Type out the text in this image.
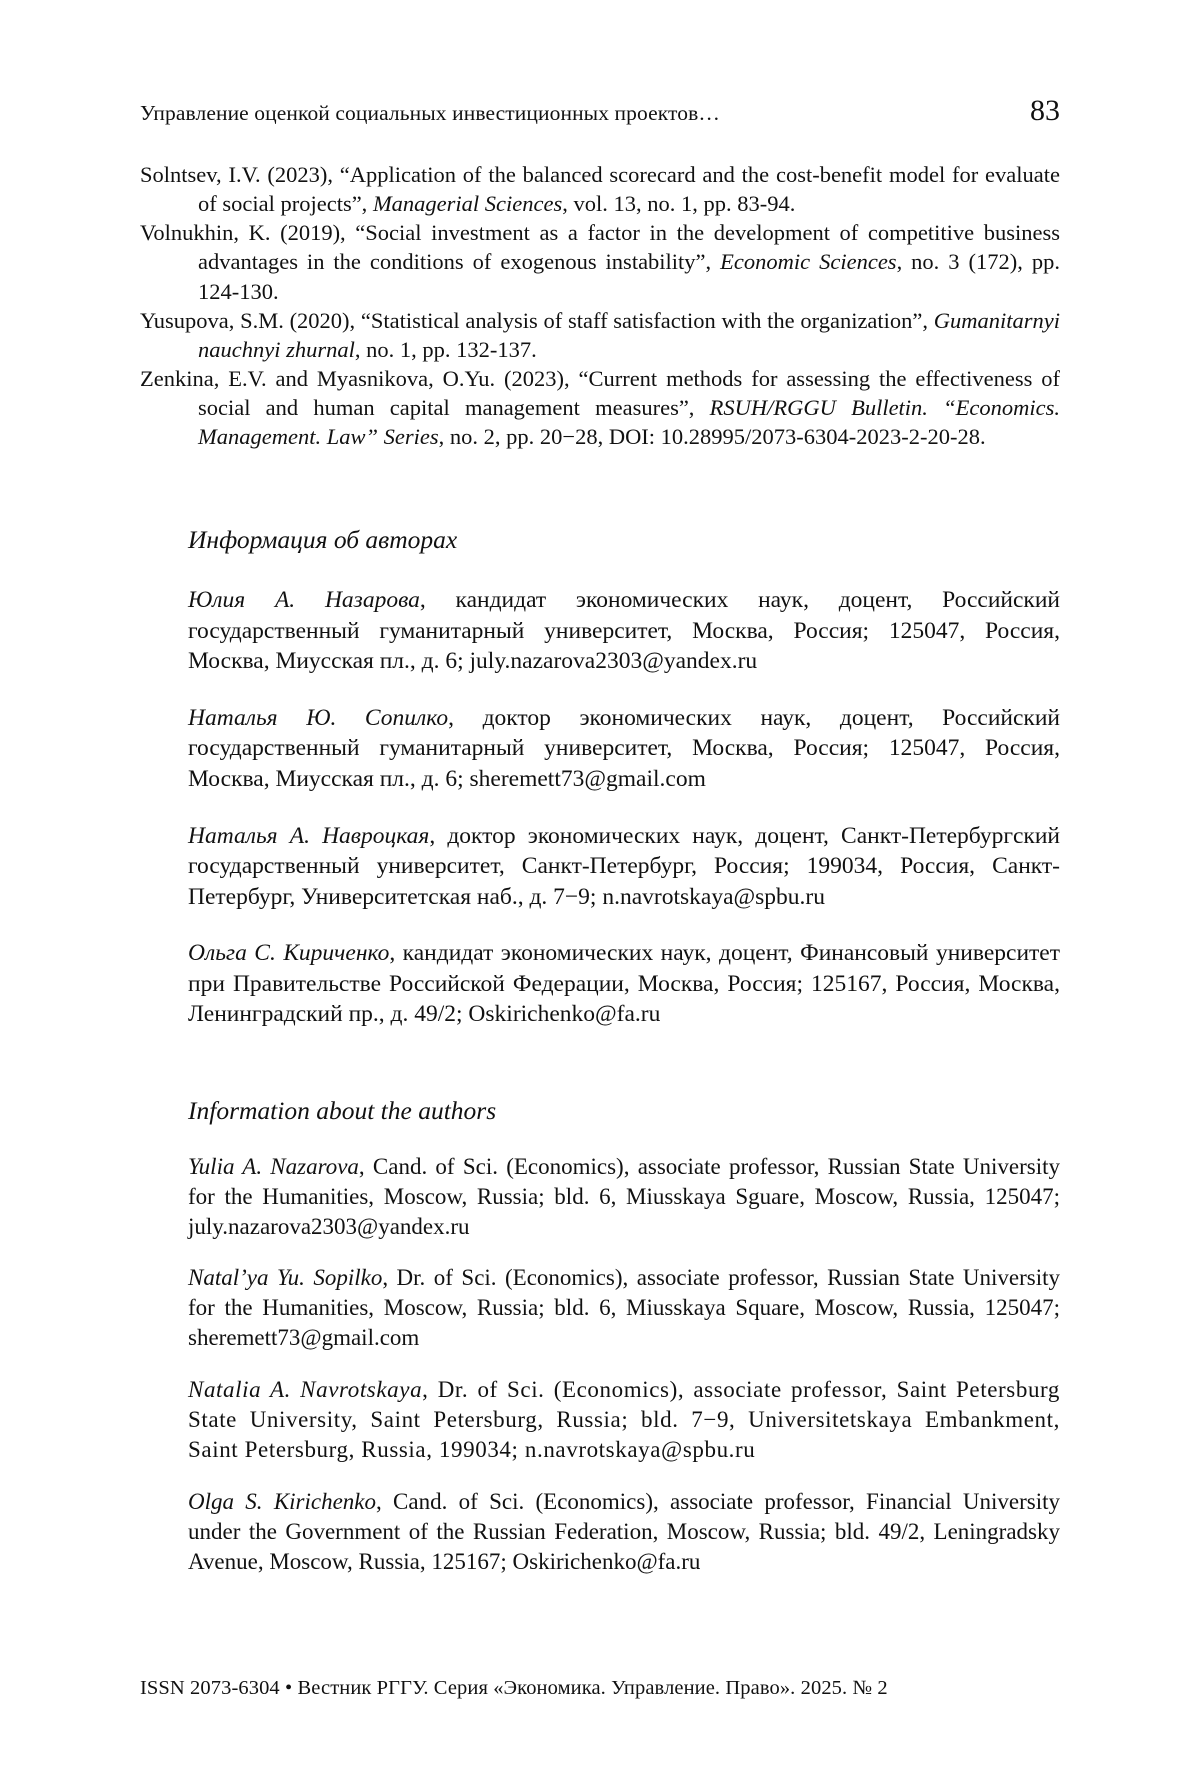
Управление оценкой социальных инвестиционных проектов…	83
Solntsev, I.V. (2023), “Application of the balanced scorecard and the cost-benefit model for evaluate of social projects”, Managerial Sciences, vol. 13, no. 1, pp. 83-94.
Volnukhin, K. (2019), “Social investment as a factor in the development of competitive business advantages in the conditions of exogenous instability”, Economic Sciences, no. 3 (172), pp. 124-130.
Yusupova, S.M. (2020), “Statistical analysis of staff satisfaction with the organization”, Gumanitarnyi nauchnyi zhurnal, no. 1, pp. 132-137.
Zenkina, E.V. and Myasnikova, O.Yu. (2023), “Current methods for assessing the effectiveness of social and human capital management measures”, RSUH/RGGU Bulletin. “Economics. Management. Law” Series, no. 2, pp. 20−28, DOI: 10.28995/2073-6304-2023-2-20-28.
Информация об авторах
Юлия А. Назарова, кандидат экономических наук, доцент, Российский государственный гуманитарный университет, Москва, Россия; 125047, Россия, Москва, Миусская пл., д. 6; july.nazarova2303@yandex.ru
Наталья Ю. Сопилко, доктор экономических наук, доцент, Российский государственный гуманитарный университет, Москва, Россия; 125047, Россия, Москва, Миусская пл., д. 6; sheremett73@gmail.com
Наталья А. Навроцкая, доктор экономических наук, доцент, Санкт-Петербургский государственный университет, Санкт-Петербург, Россия; 199034, Россия, Санкт-Петербург, Университетская наб., д. 7−9; n.navrotskaya@spbu.ru
Ольга С. Кириченко, кандидат экономических наук, доцент, Финансовый университет при Правительстве Российской Федерации, Москва, Россия; 125167, Россия, Москва, Ленинградский пр., д. 49/2; Oskirichenko@fa.ru
Information about the authors
Yulia A. Nazarova, Cand. of Sci. (Economics), associate professor, Russian State University for the Humanities, Moscow, Russia; bld. 6, Miusskaya Sguare, Moscow, Russia, 125047; july.nazarova2303@yandex.ru
Natal’ya Yu. Sopilko, Dr. of Sci. (Economics), associate professor, Russian State University for the Humanities, Moscow, Russia; bld. 6, Miusskaya Square, Moscow, Russia, 125047; sheremett73@gmail.com
Natalia A. Navrotskaya, Dr. of Sci. (Economics), associate professor, Saint Petersburg State University, Saint Petersburg, Russia; bld. 7−9, Universitetskaya Embankment, Saint Petersburg, Russia, 199034; n.navrotskaya@spbu.ru
Olga S. Kirichenko, Cand. of Sci. (Economics), associate professor, Financial University under the Government of the Russian Federation, Moscow, Russia; bld. 49/2, Leningradsky Avenue, Moscow, Russia, 125167; Oskirichenko@fa.ru
ISSN 2073-6304 • Вестник РГГУ. Серия «Экономика. Управление. Право». 2025. № 2
